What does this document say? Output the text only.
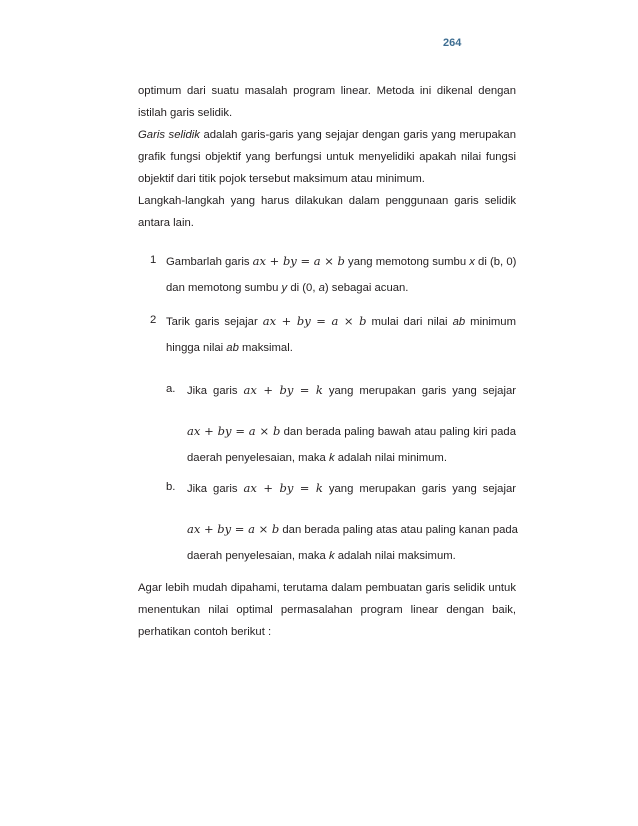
264

optimum dari suatu masalah program linear. Metoda ini dikenal dengan istilah garis selidik.

Garis selidik adalah garis-garis yang sejajar dengan garis yang merupakan grafik fungsi objektif yang berfungsi untuk menyelidiki apakah nilai fungsi objektif dari titik pojok tersebut maksimum atau minimum.

Langkah-langkah yang harus dilakukan dalam penggunaan garis selidik antara lain.

1 Gambarlah garis ax + by = a × b yang memotong sumbu x di (b, 0)
dan memotong sumbu y di (0, a) sebagai acuan.
2 Tarik garis sejajar ax + by = a × b mulai dari nilai ab minimum
hingga nilai ab maksimal.
a. Jika garis ax + by = k yang merupakan garis yang sejajar
ax + by = a × b dan berada paling bawah atau paling kiri pada
daerah penyelesaian, maka k adalah nilai minimum.
b. Jika garis ax + by = k yang merupakan garis yang sejajar
ax + by = a × b dan berada paling atas atau paling kanan pada
daerah penyelesaian, maka k adalah nilai maksimum.

Agar lebih mudah dipahami, terutama dalam pembuatan garis selidik untuk menentukan nilai optimal permasalahan program linear dengan baik, perhatikan contoh berikut :
